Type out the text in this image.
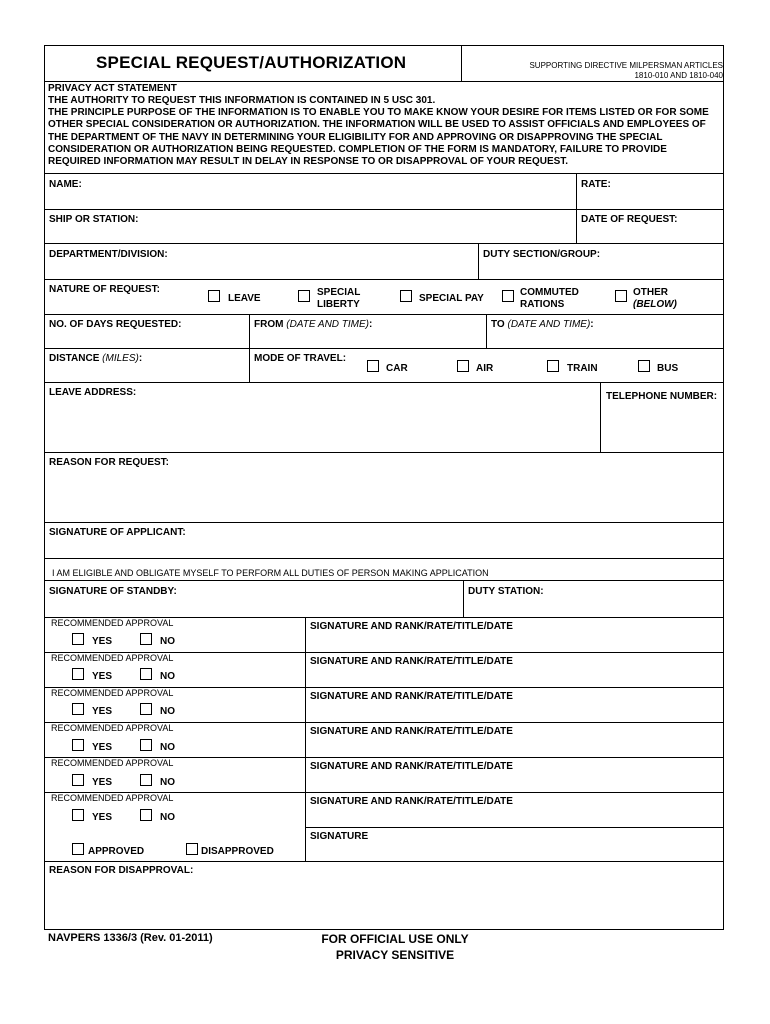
SPECIAL REQUEST/AUTHORIZATION	SUPPORTING DIRECTIVE MILPERSMAN ARTICLES
1810-010 AND 1810-040
PRIVACY ACT STATEMENT
THE AUTHORITY TO REQUEST THIS INFORMATION IS CONTAINED IN 5 USC 301.
THE PRINCIPLE PURPOSE OF THE INFORMATION IS TO ENABLE YOU TO MAKE KNOW YOUR DESIRE FOR ITEMS LISTED OR FOR SOME OTHER SPECIAL CONSIDERATION OR AUTHORIZATION. THE INFORMATION WILL BE USED TO ASSIST OFFICIALS AND EMPLOYEES OF THE DEPARTMENT OF THE NAVY IN DETERMINING YOUR ELIGIBILITY FOR AND APPROVING OR DISAPPROVING THE SPECIAL CONSIDERATION OR AUTHORIZATION BEING REQUESTED. COMPLETION OF THE FORM IS MANDATORY, FAILURE TO PROVIDE REQUIRED INFORMATION MAY RESULT IN DELAY IN RESPONSE TO OR DISAPPROVAL OF YOUR REQUEST.
NAME:	RATE:
SHIP OR STATION:	DATE OF REQUEST:
DEPARTMENT/DIVISION:	DUTY SECTION/GROUP:
NATURE OF REQUEST:
LEAVE
SPECIAL
LIBERTY
SPECIAL PAY
COMMUTED
RATIONS
OTHER
(BELOW)
NO. OF DAYS REQUESTED:	FROM (DATE AND TIME):	TO (DATE AND TIME):
DISTANCE (MILES):	MODE OF TRAVEL:
CAR	AIR	TRAIN	BUS
LEAVE ADDRESS:	TELEPHONE NUMBER:
REASON FOR REQUEST:
SIGNATURE OF APPLICANT:
I AM ELIGIBLE AND OBLIGATE MYSELF TO PERFORM ALL DUTIES OF PERSON MAKING APPLICATION
SIGNATURE OF STANDBY:	DUTY STATION:
RECOMMENDED APPROVAL
YES	NO
SIGNATURE AND RANK/RATE/TITLE/DATE
RECOMMENDED APPROVAL
YES	NO
SIGNATURE AND RANK/RATE/TITLE/DATE
RECOMMENDED APPROVAL
YES	NO
SIGNATURE AND RANK/RATE/TITLE/DATE
RECOMMENDED APPROVAL
YES	NO
SIGNATURE AND RANK/RATE/TITLE/DATE
RECOMMENDED APPROVAL
YES	NO
SIGNATURE AND RANK/RATE/TITLE/DATE
RECOMMENDED APPROVAL
YES	NO
SIGNATURE AND RANK/RATE/TITLE/DATE
SIGNATURE
APPROVED	DISAPPROVED
REASON FOR DISAPPROVAL:
NAVPERS 1336/3 (Rev. 01-2011)	FOR OFFICIAL USE ONLY
PRIVACY SENSITIVE
